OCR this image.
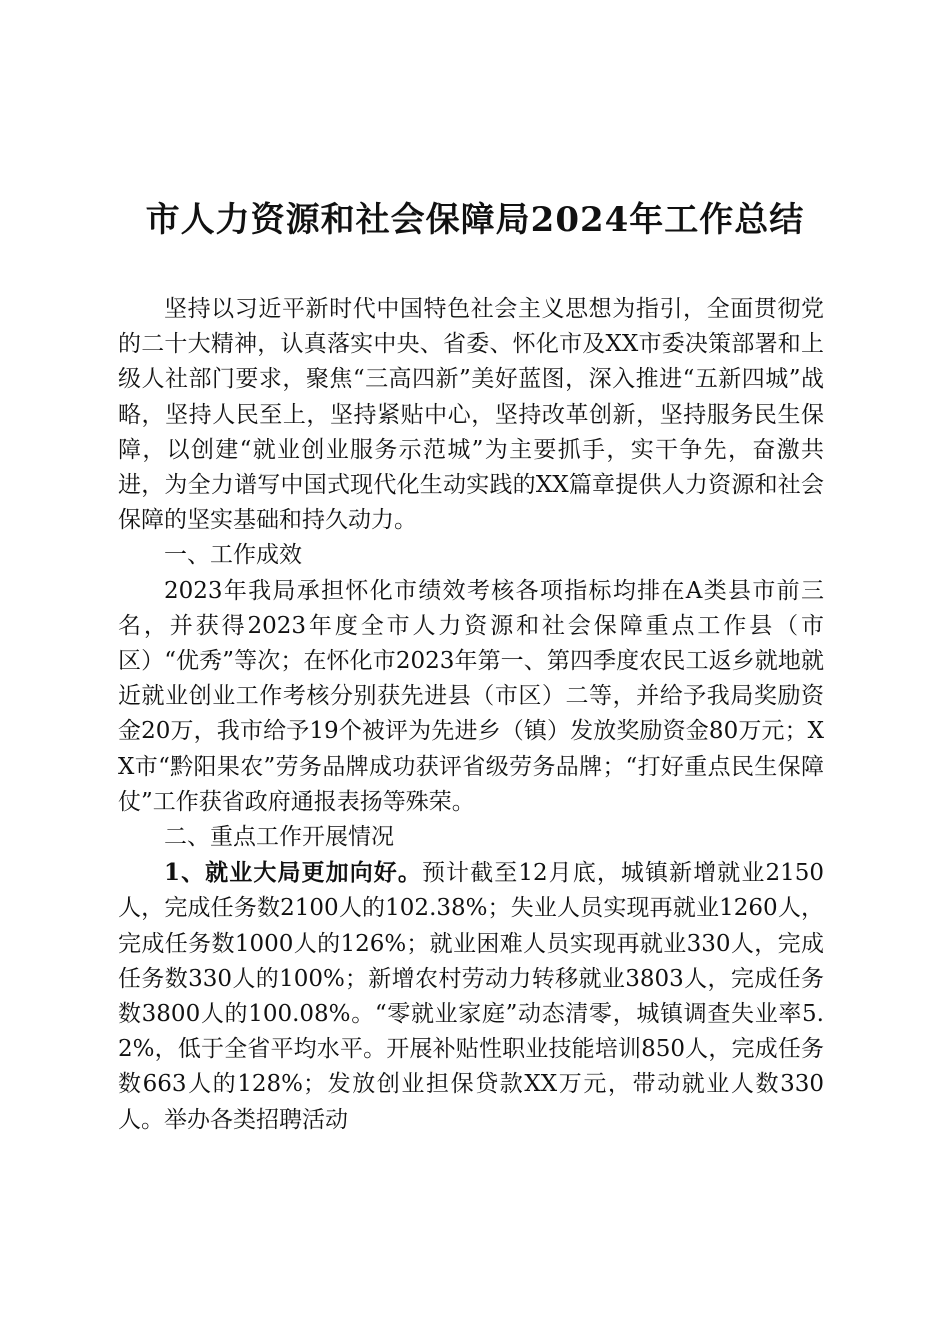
市人力资源和社会保障局2024年工作总结

坚持以习近平新时代中国特色社会主义思想为指引，全面贯彻党的二十大精神，认真落实中央、省委、怀化市及XX市委决策部署和上级人社部门要求，聚焦“三高四新”美好蓝图，深入推进“五新四城”战略，坚持人民至上，坚持紧贴中心，坚持改革创新，坚持服务民生保障，以创建“就业创业服务示范城”为主要抓手，实干争先，奋激共进，为全力谱写中国式现代化生动实践的XX篇章提供人力资源和社会保障的坚实基础和持久动力。

一、工作成效

2023年我局承担怀化市绩效考核各项指标均排在A类县市前三名，并获得2023年度全市人力资源和社会保障重点工作县（市区）“优秀”等次；在怀化市2023年第一、第四季度农民工返乡就地就近就业创业工作考核分别获先进县（市区）二等，并给予我局奖励资金20万，我市给予19个被评为先进乡（镇）发放奖励资金80万元；XX市“黔阳果农”劳务品牌成功获评省级劳务品牌；“打好重点民生保障仗”工作获省政府通报表扬等殊荣。

二、重点工作开展情况

1、就业大局更加向好。预计截至12月底，城镇新增就业2150人，完成任务数2100人的102.38%；失业人员实现再就业1260人，完成任务数1000人的126%；就业困难人员实现再就业330人，完成任务数330人的100%；新增农村劳动力转移就业3803人，完成任务数3800人的100.08%。“零就业家庭”动态清零，城镇调查失业率5.2%，低于全省平均水平。开展补贴性职业技能培训850人，完成任务数663人的128%；发放创业担保贷款XX万元，带动就业人数330人。举办各类招聘活动
